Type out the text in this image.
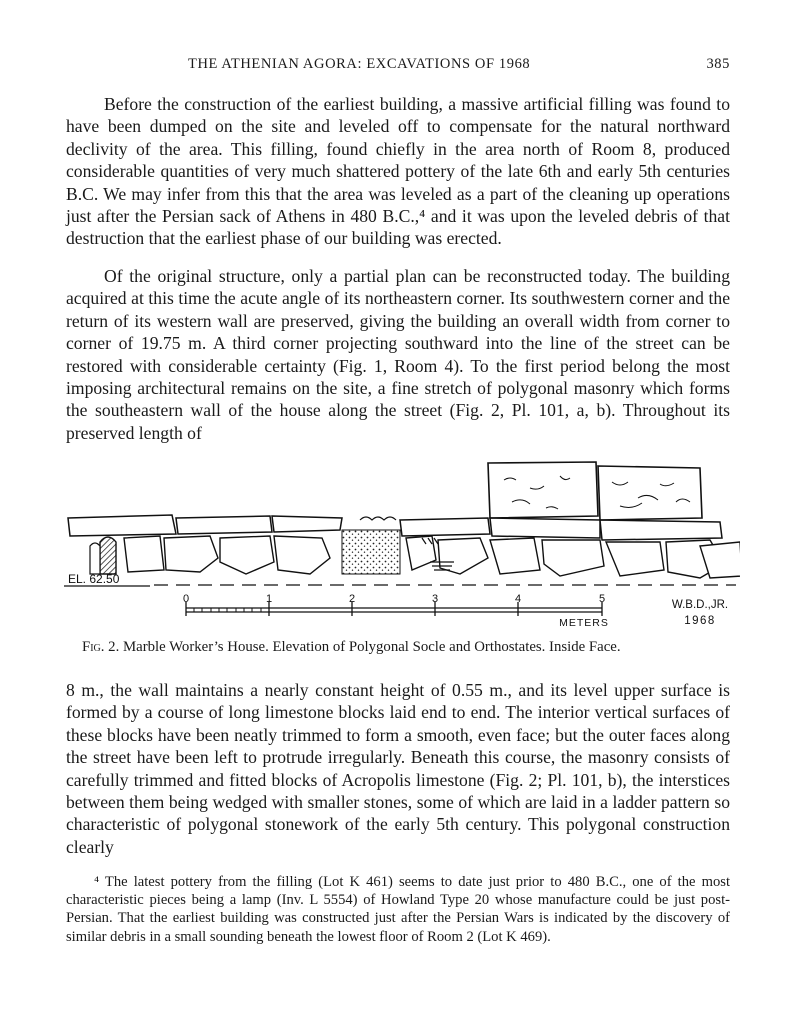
THE ATHENIAN AGORA: EXCAVATIONS OF 1968	385

Before the construction of the earliest building, a massive artificial filling was found to have been dumped on the site and leveled off to compensate for the natural northward declivity of the area. This filling, found chiefly in the area north of Room 8, produced considerable quantities of very much shattered pottery of the late 6th and early 5th centuries B.C. We may infer from this that the area was leveled as a part of the cleaning up operations just after the Persian sack of Athens in 480 B.C.,⁴ and it was upon the leveled debris of that destruction that the earliest phase of our building was erected.

Of the original structure, only a partial plan can be reconstructed today. The building acquired at this time the acute angle of its northeastern corner. Its southwestern corner and the return of its western wall are preserved, giving the building an overall width from corner to corner of 19.75 m. A third corner projecting southward into the line of the street can be restored with considerable certainty (Fig. 1, Room 4). To the first period belong the most imposing architectural remains on the site, a fine stretch of polygonal masonry which forms the southeastern wall of the house along the street (Fig. 2, Pl. 101, a, b). Throughout its preserved length of

EL. 62.50
0	1	2	3	4	5
METERS
W.B.D.,JR.
1968
Fig. 2. Marble Worker’s House. Elevation of Polygonal Socle and Orthostates. Inside Face.

8 m., the wall maintains a nearly constant height of 0.55 m., and its level upper surface is formed by a course of long limestone blocks laid end to end. The interior vertical surfaces of these blocks have been neatly trimmed to form a smooth, even face; but the outer faces along the street have been left to protrude irregularly. Beneath this course, the masonry consists of carefully trimmed and fitted blocks of Acropolis limestone (Fig. 2; Pl. 101, b), the interstices between them being wedged with smaller stones, some of which are laid in a ladder pattern so characteristic of polygonal stonework of the early 5th century. This polygonal construction clearly

⁴ The latest pottery from the filling (Lot K 461) seems to date just prior to 480 B.C., one of the most characteristic pieces being a lamp (Inv. L 5554) of Howland Type 20 whose manufacture could be just post-Persian. That the earliest building was constructed just after the Persian Wars is indicated by the discovery of similar debris in a small sounding beneath the lowest floor of Room 2 (Lot K 469).
